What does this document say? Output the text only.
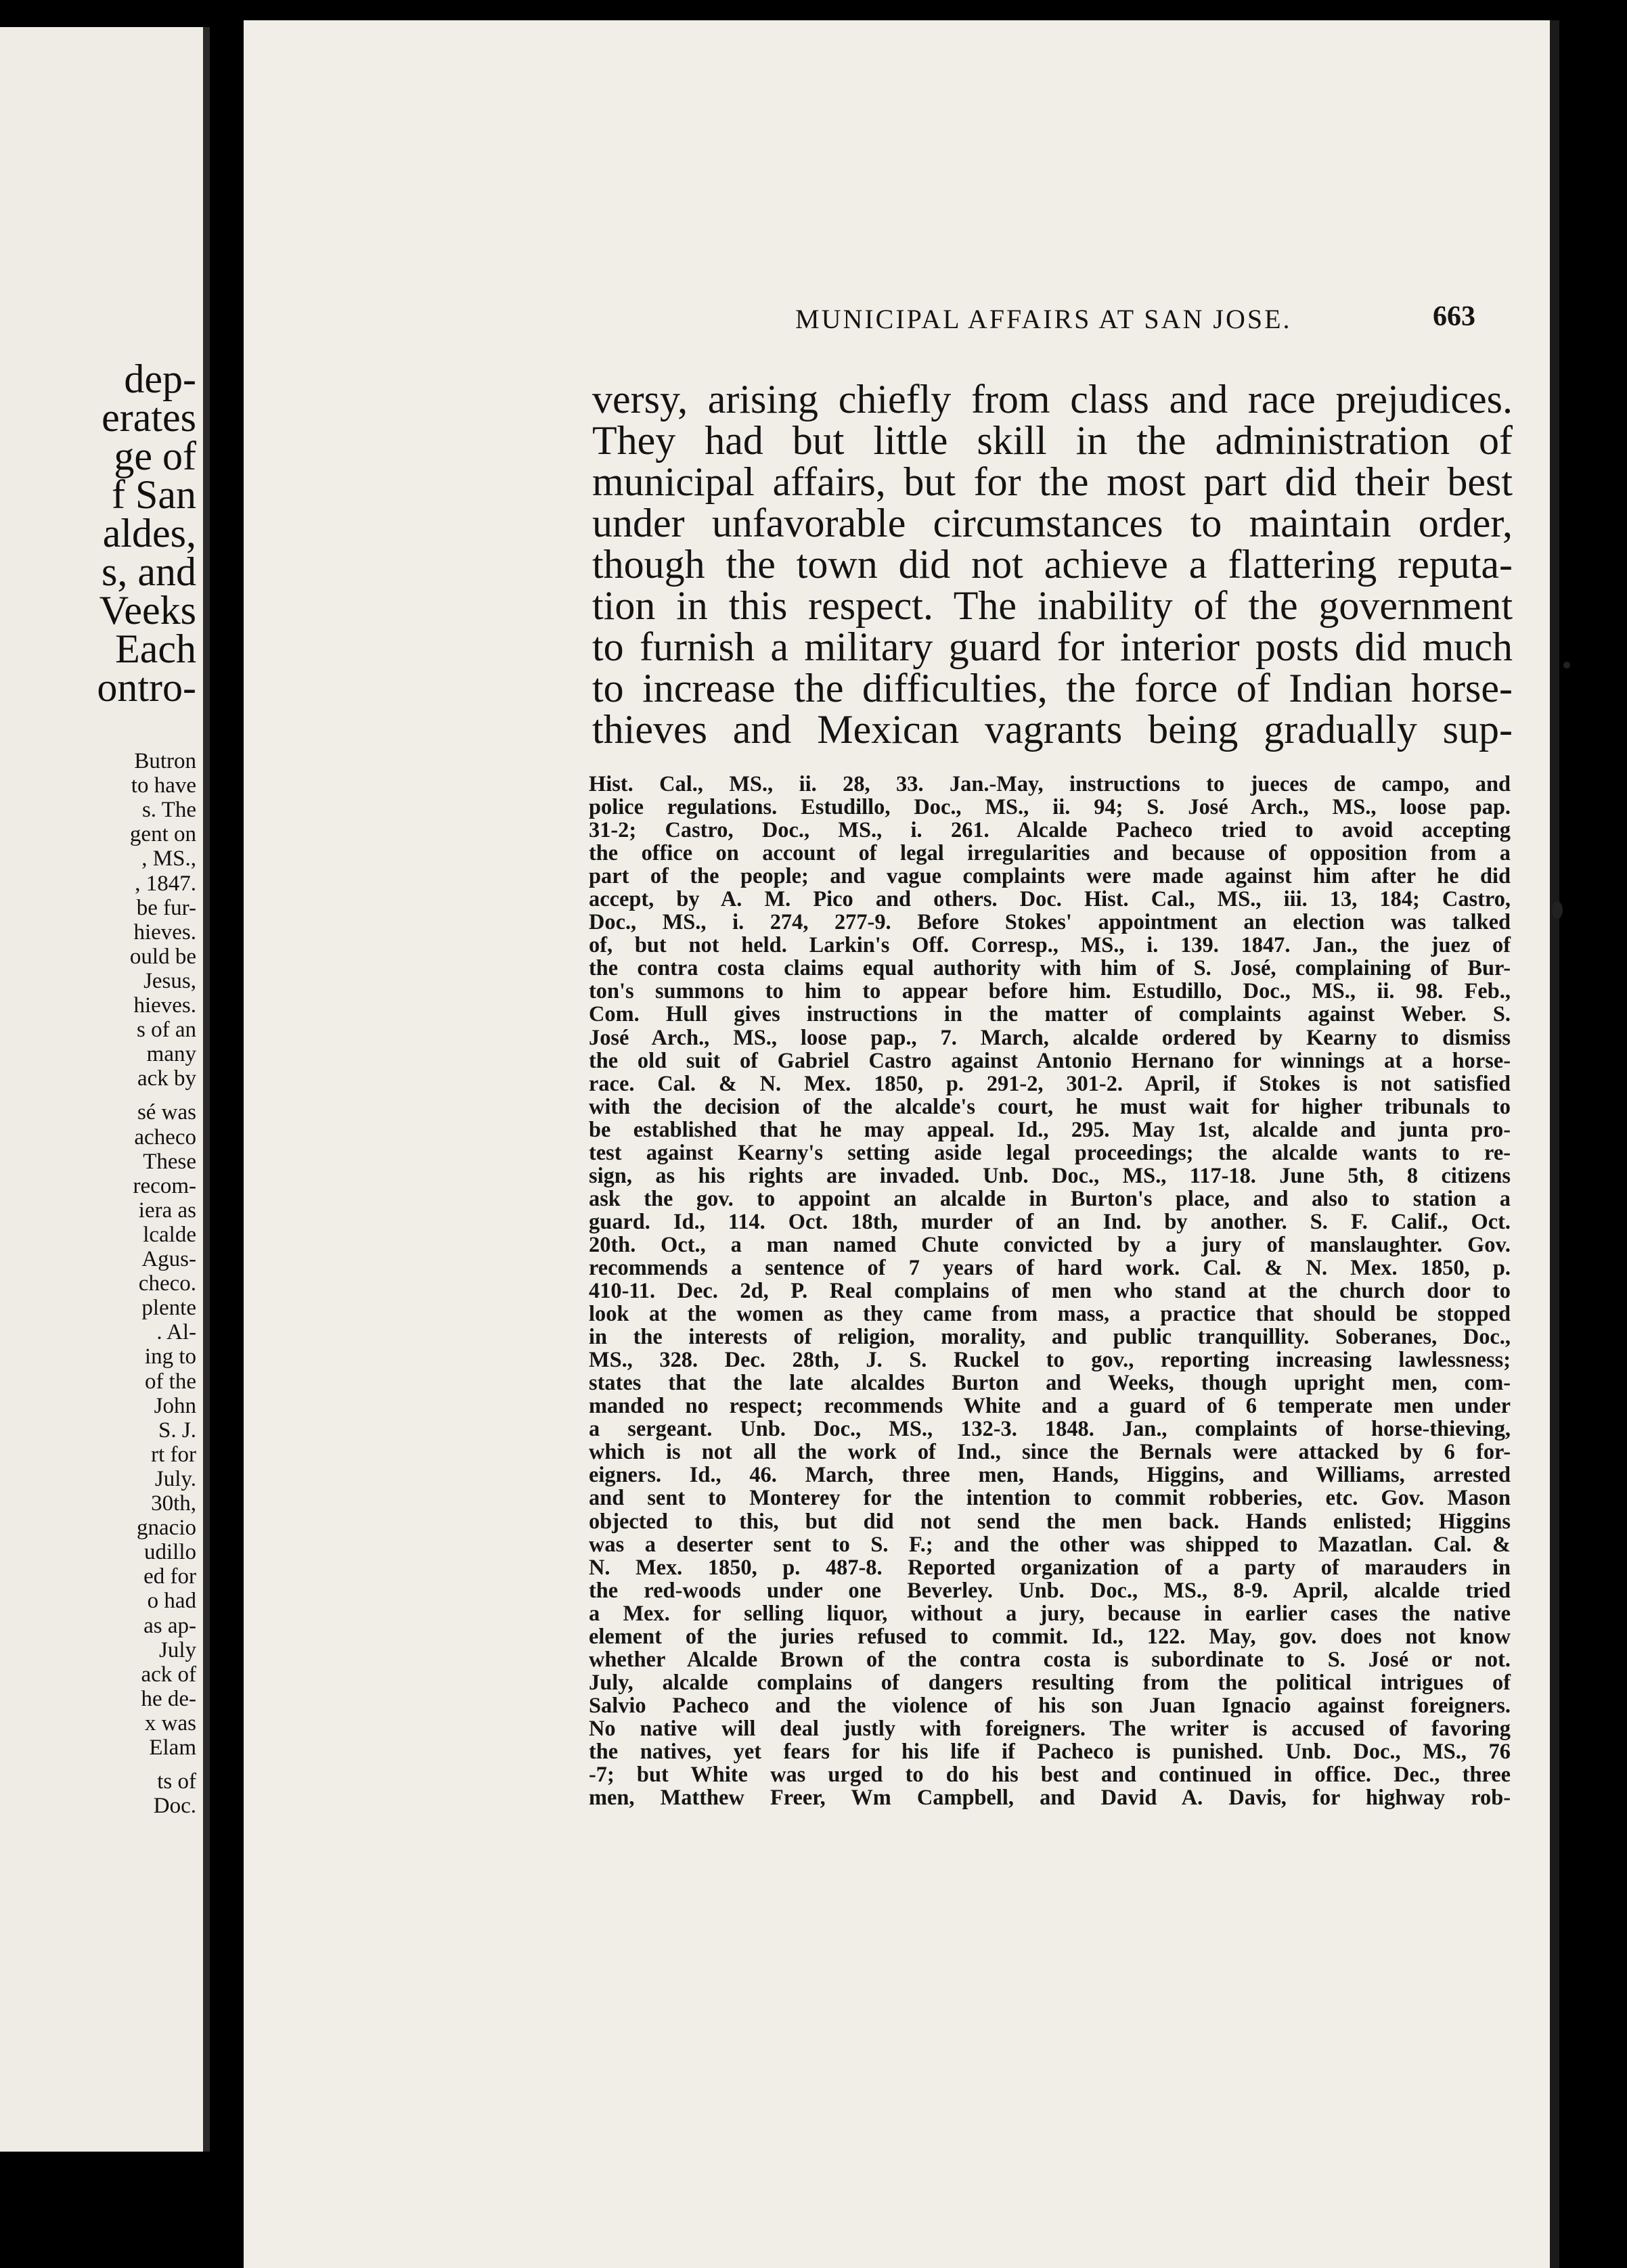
dep-
erates
ge of
f San
aldes,
s, and
Veeks
Each
ontro-
Butron
to have
s. The
gent on
, MS.,
, 1847.
be fur-
hieves.
ould be
Jesus,
hieves.
s of an
many
ack by
sé was
acheco
These
recom-
iera as
lcalde
Agus-
checo.
plente
. Al-
ing to
of the
John
S. J.
rt for
July.
30th,
gnacio
udillo
ed for
o had
as ap-
July
ack of
he de-
x was
Elam
ts of
Doc.
MUNICIPAL AFFAIRS AT SAN JOSE.	663
versy, arising chiefly from class and race prejudices.
They had but little skill in the administration of
municipal affairs, but for the most part did their best
under unfavorable circumstances to maintain order,
though the town did not achieve a flattering reputa-
tion in this respect. The inability of the government
to furnish a military guard for interior posts did much
to increase the difficulties, the force of Indian horse-
thieves and Mexican vagrants being gradually sup-
Hist. Cal., MS., ii. 28, 33. Jan.-May, instructions to jueces de campo, and
police regulations. Estudillo, Doc., MS., ii. 94; S. José Arch., MS., loose pap.
31-2; Castro, Doc., MS., i. 261. Alcalde Pacheco tried to avoid accepting
the office on account of legal irregularities and because of opposition from a
part of the people; and vague complaints were made against him after he did
accept, by A. M. Pico and others. Doc. Hist. Cal., MS., iii. 13, 184; Castro,
Doc., MS., i. 274, 277-9. Before Stokes' appointment an election was talked
of, but not held. Larkin's Off. Corresp., MS., i. 139. 1847. Jan., the juez of
the contra costa claims equal authority with him of S. José, complaining of Bur-
ton's summons to him to appear before him. Estudillo, Doc., MS., ii. 98. Feb.,
Com. Hull gives instructions in the matter of complaints against Weber. S.
José Arch., MS., loose pap., 7. March, alcalde ordered by Kearny to dismiss
the old suit of Gabriel Castro against Antonio Hernano for winnings at a horse-
race. Cal. & N. Mex. 1850, p. 291-2, 301-2. April, if Stokes is not satisfied
with the decision of the alcalde's court, he must wait for higher tribunals to
be established that he may appeal. Id., 295. May 1st, alcalde and junta pro-
test against Kearny's setting aside legal proceedings; the alcalde wants to re-
sign, as his rights are invaded. Unb. Doc., MS., 117-18. June 5th, 8 citizens
ask the gov. to appoint an alcalde in Burton's place, and also to station a
guard. Id., 114. Oct. 18th, murder of an Ind. by another. S. F. Calif., Oct.
20th. Oct., a man named Chute convicted by a jury of manslaughter. Gov.
recommends a sentence of 7 years of hard work. Cal. & N. Mex. 1850, p.
410-11. Dec. 2d, P. Real complains of men who stand at the church door to
look at the women as they came from mass, a practice that should be stopped
in the interests of religion, morality, and public tranquillity. Soberanes, Doc.,
MS., 328. Dec. 28th, J. S. Ruckel to gov., reporting increasing lawlessness;
states that the late alcaldes Burton and Weeks, though upright men, com-
manded no respect; recommends White and a guard of 6 temperate men under
a sergeant. Unb. Doc., MS., 132-3. 1848. Jan., complaints of horse-thieving,
which is not all the work of Ind., since the Bernals were attacked by 6 for-
eigners. Id., 46. March, three men, Hands, Higgins, and Williams, arrested
and sent to Monterey for the intention to commit robberies, etc. Gov. Mason
objected to this, but did not send the men back. Hands enlisted; Higgins
was a deserter sent to S. F.; and the other was shipped to Mazatlan. Cal. &
N. Mex. 1850, p. 487-8. Reported organization of a party of marauders in
the red-woods under one Beverley. Unb. Doc., MS., 8-9. April, alcalde tried
a Mex. for selling liquor, without a jury, because in earlier cases the native
element of the juries refused to commit. Id., 122. May, gov. does not know
whether Alcalde Brown of the contra costa is subordinate to S. José or not.
July, alcalde complains of dangers resulting from the political intrigues of
Salvio Pacheco and the violence of his son Juan Ignacio against foreigners.
No native will deal justly with foreigners. The writer is accused of favoring
the natives, yet fears for his life if Pacheco is punished. Unb. Doc., MS., 76
-7; but White was urged to do his best and continued in office. Dec., three
men, Matthew Freer, Wm Campbell, and David A. Davis, for highway rob-
